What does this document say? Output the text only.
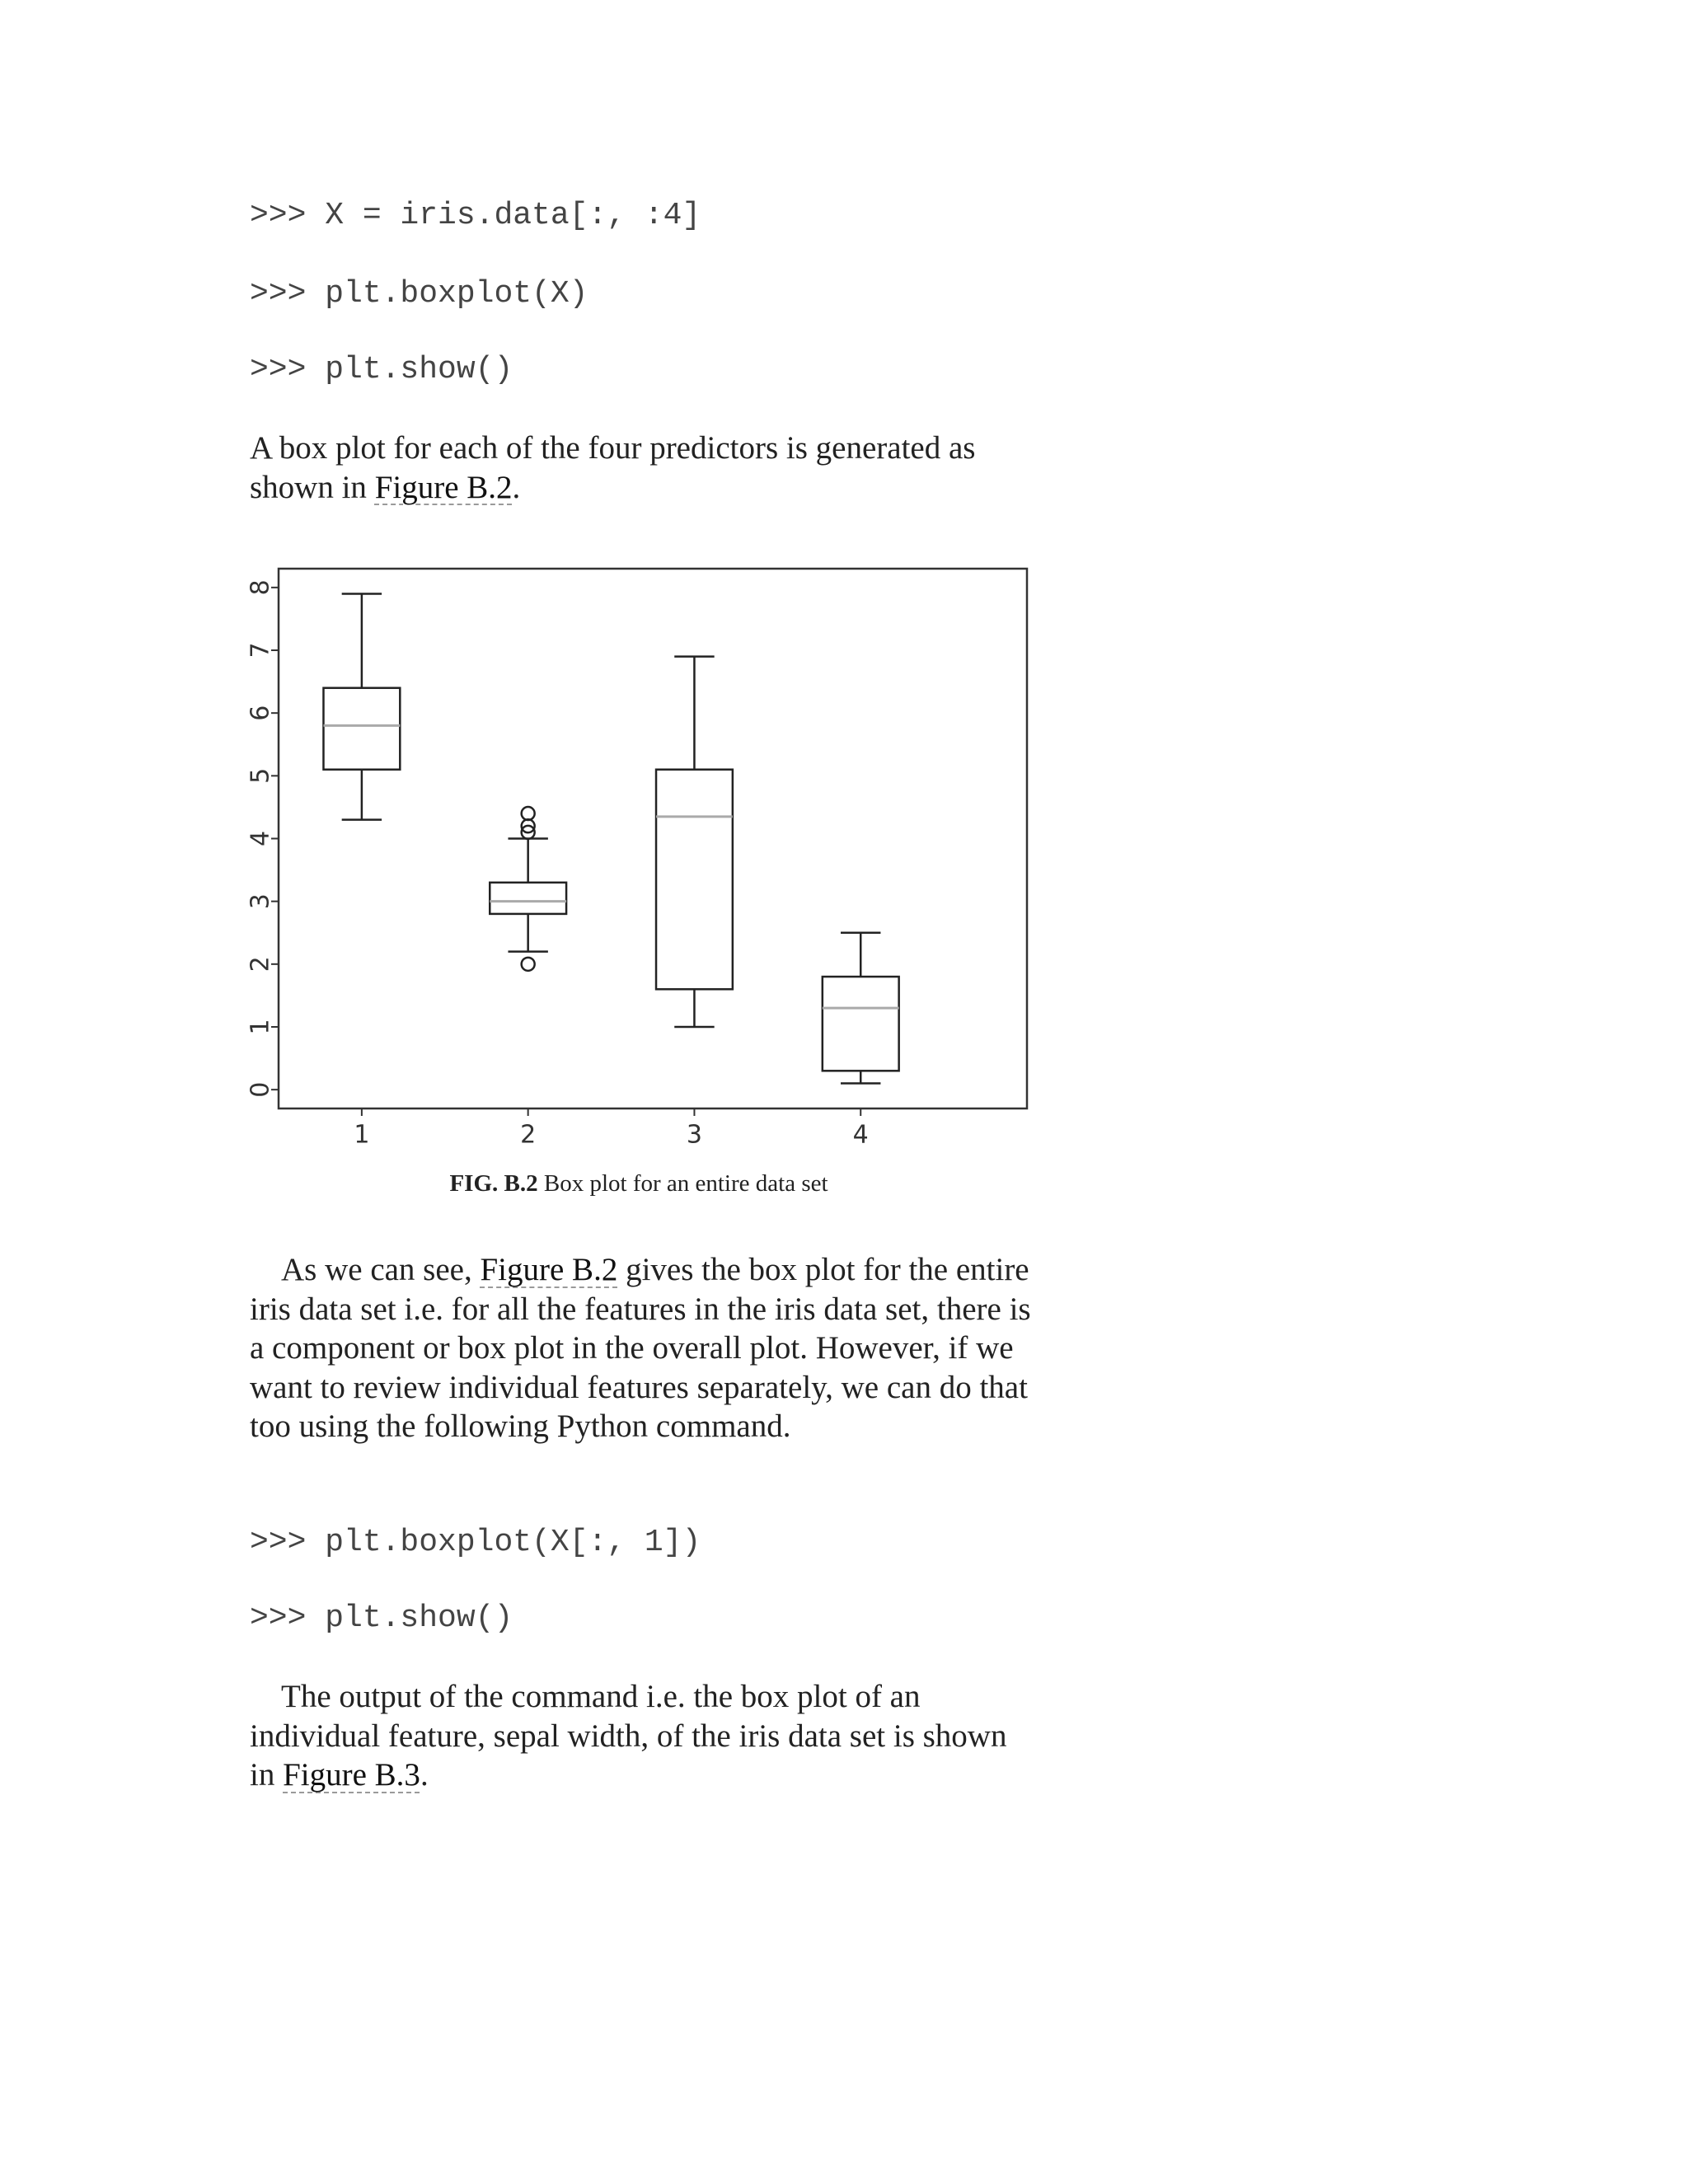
>>> X = iris.data[:, :4]
>>> plt.boxplot(X)
>>> plt.show()

A box plot for each of the four predictors is generated as shown in Figure B.2.

0
1
2
3
4
5
6
7
8
1	2	3	4
FIG. B.2 Box plot for an entire data set

As we can see, Figure B.2 gives the box plot for the entire iris data set i.e. for all the features in the iris data set, there is a component or box plot in the overall plot. However, if we want to review individual features separately, we can do that too using the following Python command.

>>> plt.boxplot(X[:, 1])
>>> plt.show()

The output of the command i.e. the box plot of an individual feature, sepal width, of the iris data set is shown in Figure B.3.
